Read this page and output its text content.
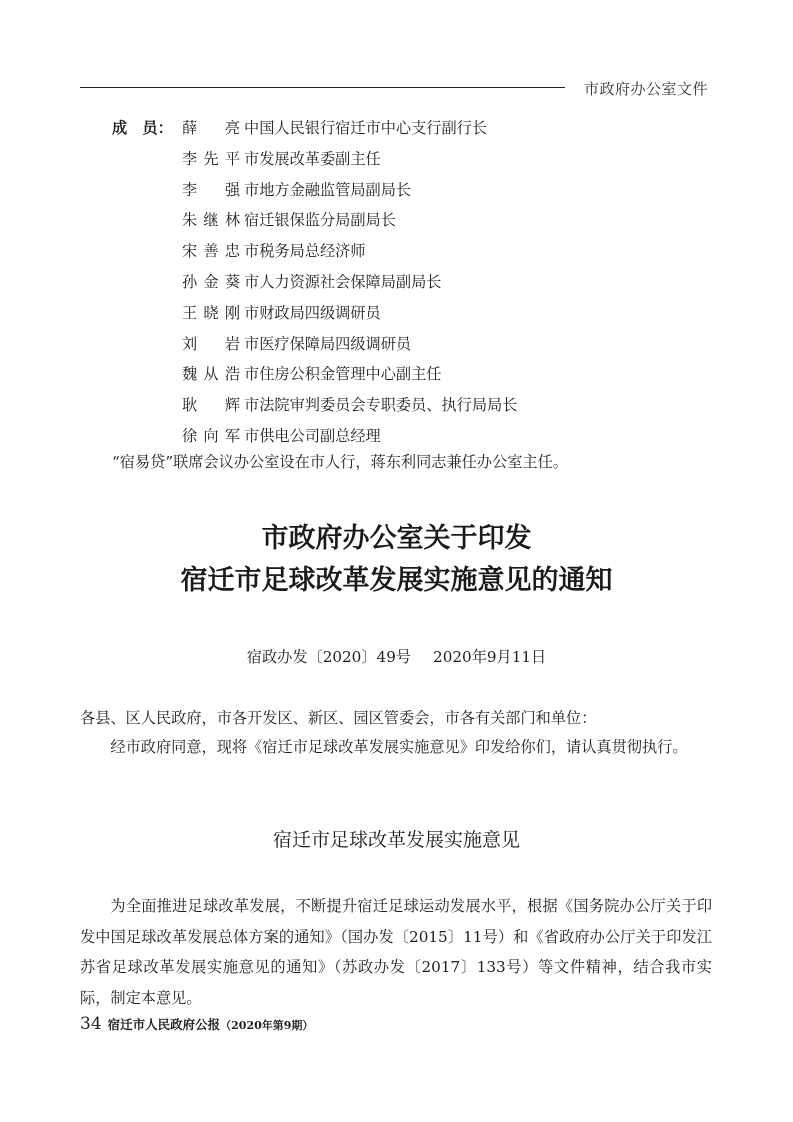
市政府办公室文件
成　员： 薛亮 中国人民银行宿迁市中心支行副行长
李先平 市发展改革委副主任
李强 市地方金融监管局副局长
朱继林 宿迁银保监分局副局长
宋善忠 市税务局总经济师
孙金葵 市人力资源社会保障局副局长
王晓刚 市财政局四级调研员
刘岩 市医疗保障局四级调研员
魏从浩 市住房公积金管理中心副主任
耿辉 市法院审判委员会专职委员、执行局局长
徐向军 市供电公司副总经理
“宿易贷”联席会议办公室设在市人行，蒋东利同志兼任办公室主任。
市政府办公室关于印发
宿迁市足球改革发展实施意见的通知
宿政办发〔2020〕49号 2020年9月11日
各县、区人民政府，市各开发区、新区、园区管委会，市各有关部门和单位：
经市政府同意，现将《宿迁市足球改革发展实施意见》印发给你们，请认真贯彻执行。
宿迁市足球改革发展实施意见
为全面推进足球改革发展，不断提升宿迁足球运动发展水平，根据《国务院办公厅关于印发中国足球改革发展总体方案的通知》（国办发〔2015〕11号）和《省政府办公厅关于印发江苏省足球改革发展实施意见的通知》（苏政办发〔2017〕133号）等文件精神，结合我市实际，制定本意见。
34 宿迁市人民政府公报（2020年第9期）
